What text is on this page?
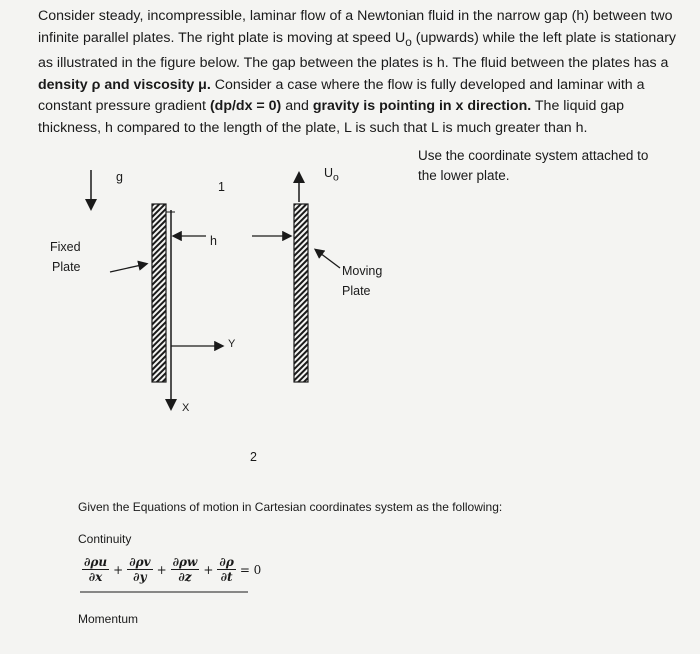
Consider steady, incompressible, laminar flow of a Newtonian fluid in the narrow gap (h) between two infinite parallel plates. The right plate is moving at speed $U_o$ (upwards) while the left plate is stationary as illustrated in the figure below. The gap between the plates is h. The fluid between the plates has a density ρ and viscosity μ. Consider a case where the flow is fully developed and laminar with a constant pressure gradient (dp/dx = 0) and gravity is pointing in x direction. The liquid gap thickness, h compared to the length of the plate, L is such that L is much greater than h.
Use the coordinate system attached to the lower plate.
g
Fixed
Plate
1
h
Y
X
2
$U_o$
Moving
Plate
Given the Equations of motion in Cartesian coordinates system as the following:
Continuity
$\frac{\partial\rho u}{\partial x} + \frac{\partial\rho v}{\partial y} + \frac{\partial\rho w}{\partial z} + \frac{\partial\rho}{\partial t} = 0$
Momentum
